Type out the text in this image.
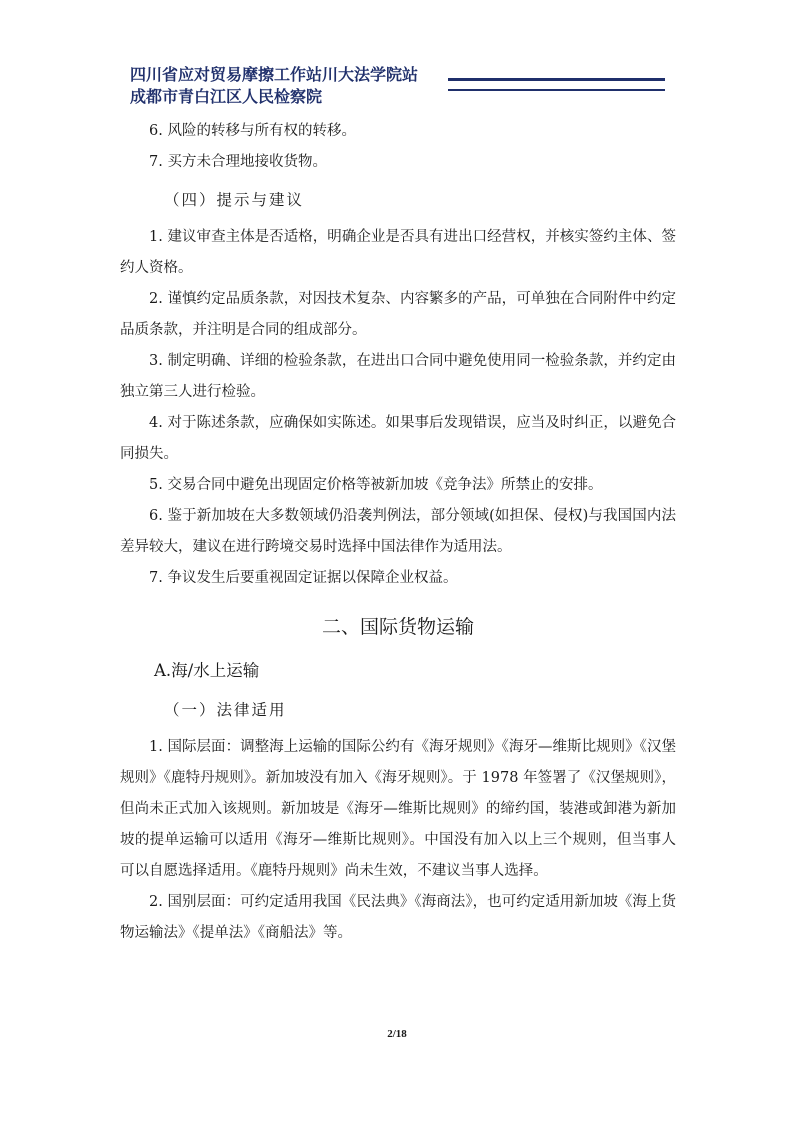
四川省应对贸易摩擦工作站川大法学院站
成都市青白江区人民检察院

6. 风险的转移与所有权的转移。

7. 买方未合理地接收货物。

（四）提示与建议

1. 建议审查主体是否适格，明确企业是否具有进出口经营权，并核实签约主体、签约人资格。

2. 谨慎约定品质条款，对因技术复杂、内容繁多的产品，可单独在合同附件中约定品质条款，并注明是合同的组成部分。

3. 制定明确、详细的检验条款，在进出口合同中避免使用同一检验条款，并约定由独立第三人进行检验。

4. 对于陈述条款，应确保如实陈述。如果事后发现错误，应当及时纠正，以避免合同损失。

5. 交易合同中避免出现固定价格等被新加坡《竞争法》所禁止的安排。

6. 鉴于新加坡在大多数领域仍沿袭判例法，部分领域(如担保、侵权)与我国国内法差异较大，建议在进行跨境交易时选择中国法律作为适用法。

7. 争议发生后要重视固定证据以保障企业权益。

二、国际货物运输
A.海/水上运输
（一）法律适用

1. 国际层面：调整海上运输的国际公约有《海牙规则》《海牙—维斯比规则》《汉堡规则》《鹿特丹规则》。新加坡没有加入《海牙规则》。于 1978 年签署了《汉堡规则》，但尚未正式加入该规则。新加坡是《海牙—维斯比规则》的缔约国，装港或卸港为新加坡的提单运输可以适用《海牙—维斯比规则》。中国没有加入以上三个规则，但当事人可以自愿选择适用。《鹿特丹规则》尚未生效，不建议当事人选择。

2. 国别层面：可约定适用我国《民法典》《海商法》，也可约定适用新加坡《海上货物运输法》《提单法》《商船法》等。

2/18
